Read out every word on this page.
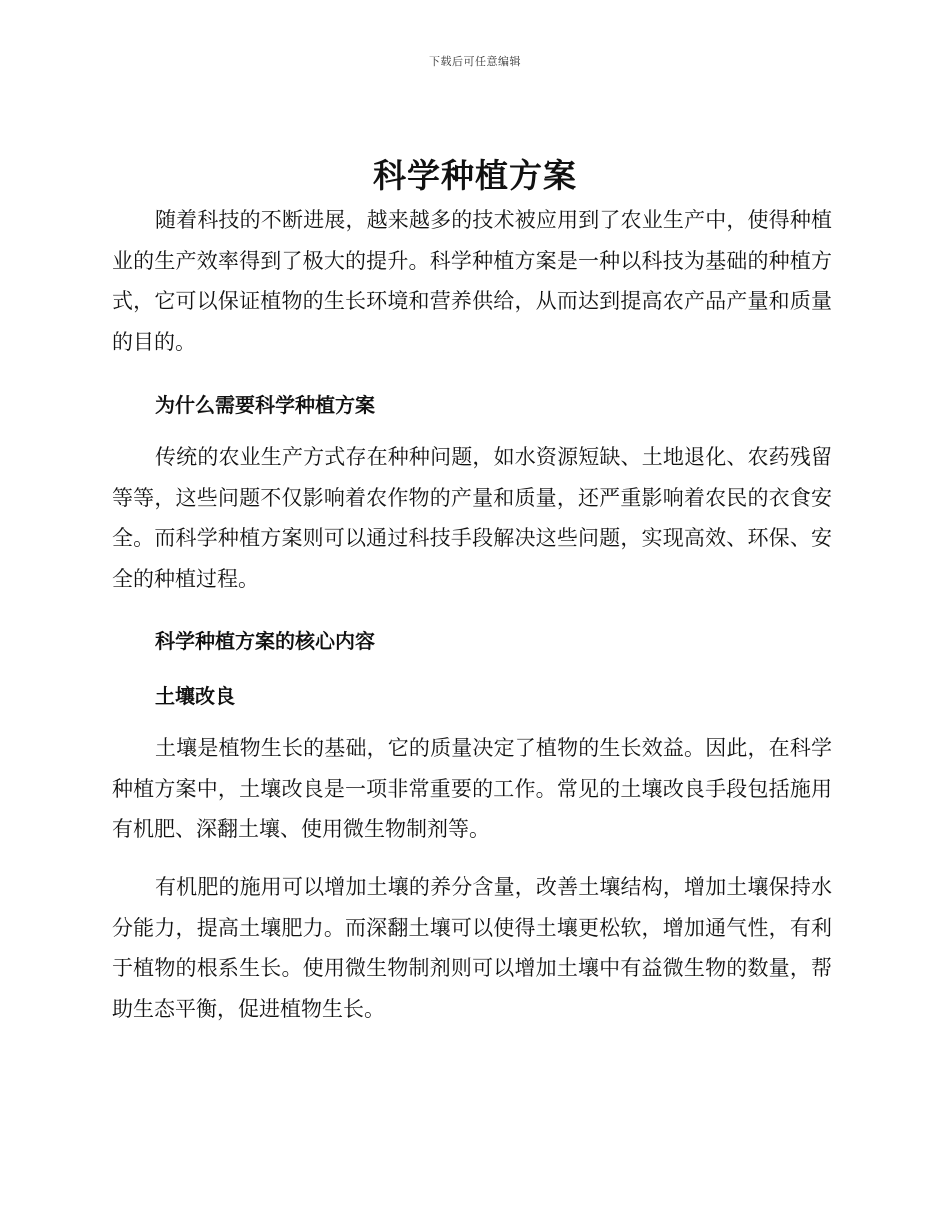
下载后可任意编辑
科学种植方案

随着科技的不断进展，越来越多的技术被应用到了农业生产中，使得种植业的生产效率得到了极大的提升。科学种植方案是一种以科技为基础的种植方式，它可以保证植物的生长环境和营养供给，从而达到提高农产品产量和质量的目的。

为什么需要科学种植方案

传统的农业生产方式存在种种问题，如水资源短缺、土地退化、农药残留等等，这些问题不仅影响着农作物的产量和质量，还严重影响着农民的衣食安全。而科学种植方案则可以通过科技手段解决这些问题，实现高效、环保、安全的种植过程。

科学种植方案的核心内容
土壤改良

土壤是植物生长的基础，它的质量决定了植物的生长效益。因此，在科学种植方案中，土壤改良是一项非常重要的工作。常见的土壤改良手段包括施用有机肥、深翻土壤、使用微生物制剂等。

有机肥的施用可以增加土壤的养分含量，改善土壤结构，增加土壤保持水分能力，提高土壤肥力。而深翻土壤可以使得土壤更松软，增加通气性，有利于植物的根系生长。使用微生物制剂则可以增加土壤中有益微生物的数量，帮助生态平衡，促进植物生长。
